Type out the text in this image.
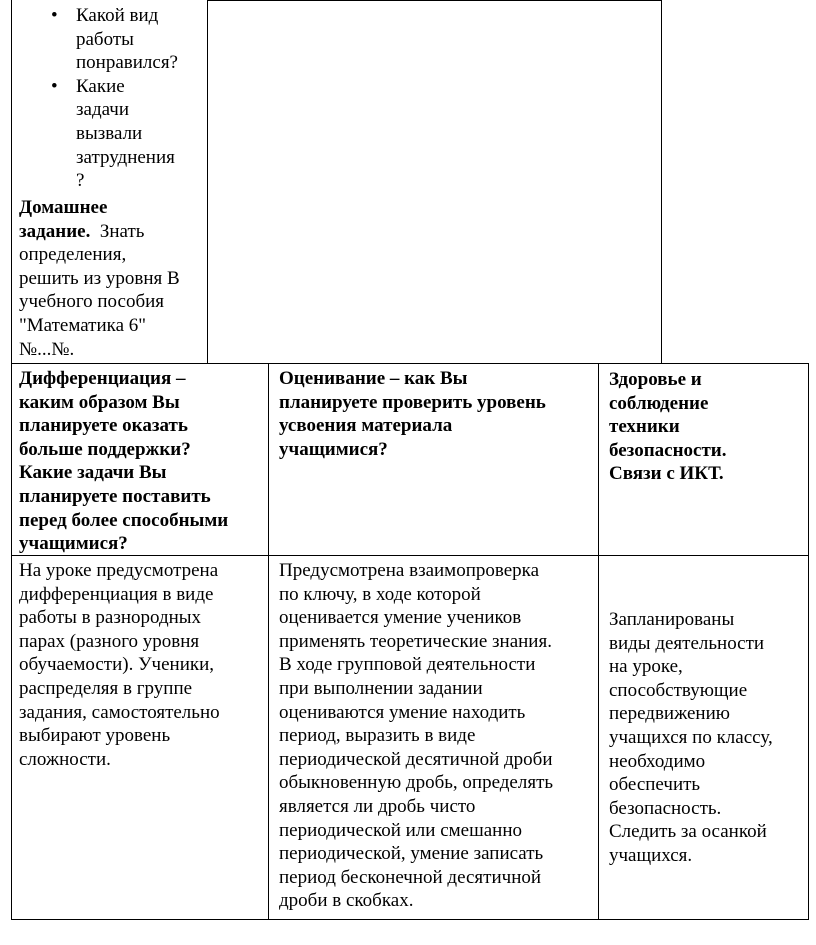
• Какой вид
работы
понравился?
• Какие
задачи
вызвали
затруднения
?
Домашнее
задание. Знать
определения,
решить из уровня В
учебного пособия
"Математика 6"
№...№.
Дифференциация –
каким образом Вы
планируете оказать
больше поддержки?
Какие задачи Вы
планируете поставить
перед более способными
учащимися?
Оценивание – как Вы
планируете проверить уровень
усвоения материала
учащимися?
Здоровье и
соблюдение
техники
безопасности.
Связи с ИКТ.
На уроке предусмотрена
дифференциация в виде
работы в разнородных
парах (разного уровня
обучаемости). Ученики,
распределяя в группе
задания, самостоятельно
выбирают уровень
сложности.
Предусмотрена взаимопроверка
по ключу, в ходе которой
оценивается умение учеников
применять теоретические знания.
В ходе групповой деятельности
при выполнении задании
оцениваются умение находить
период, выразить в виде
периодической десятичной дроби
обыкновенную дробь, определять
является ли дробь чисто
периодической или смешанно
периодической, умение записать
период бесконечной десятичной
дроби в скобках.
Запланированы
виды деятельности
на уроке,
способствующие
передвижению
учащихся по классу,
необходимо
обеспечить
безопасность.
Следить за осанкой
учащихся.
